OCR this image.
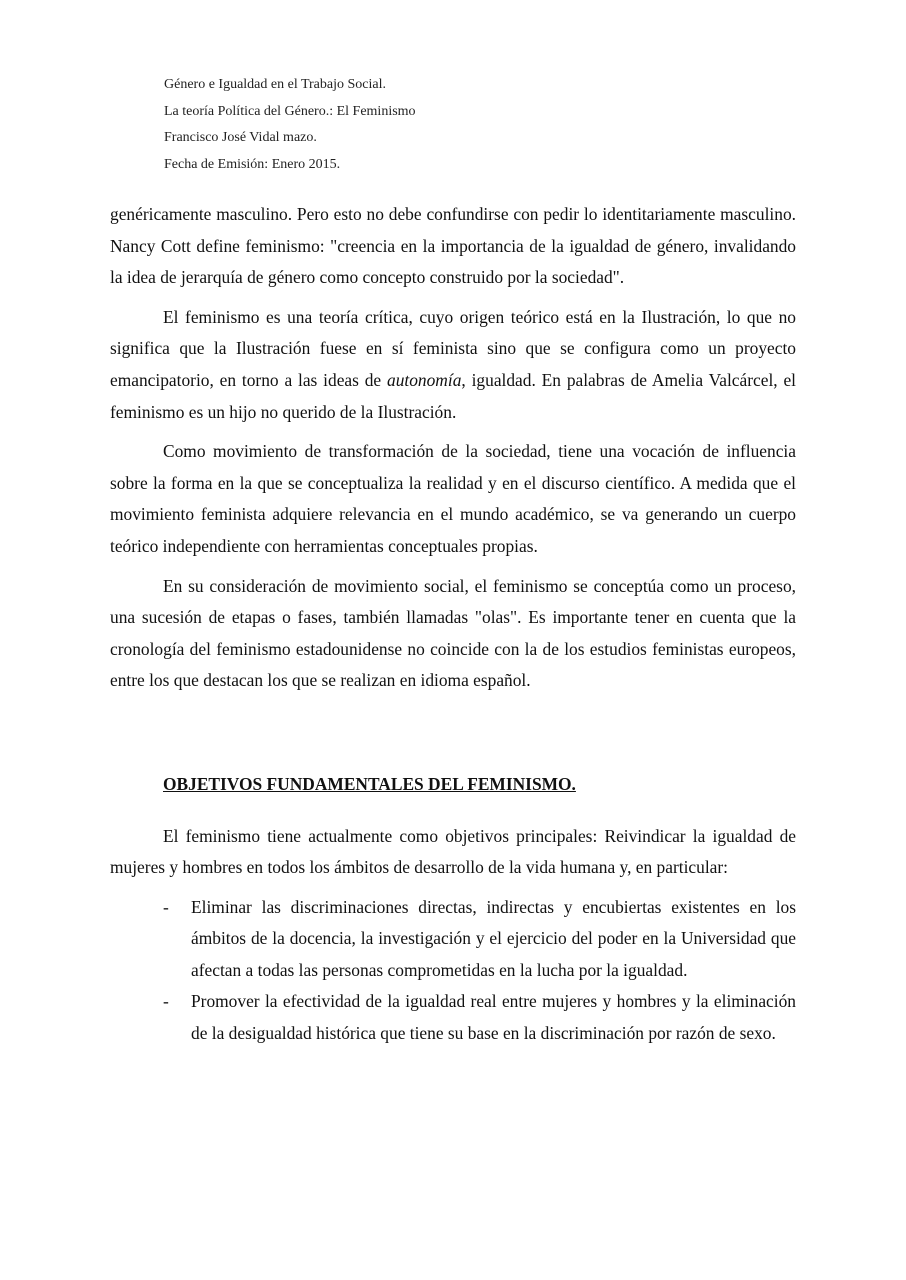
Género e Igualdad en el Trabajo Social.
La teoría Política del Género.: El Feminismo
Francisco José Vidal mazo.
Fecha de Emisión: Enero 2015.

genéricamente masculino. Pero esto no debe confundirse con pedir lo identitariamente masculino. Nancy Cott define feminismo: "creencia en la importancia de la igualdad de género, invalidando la idea de jerarquía de género como concepto construido por la sociedad".

El feminismo es una teoría crítica, cuyo origen teórico está en la Ilustración, lo que no significa que la Ilustración fuese en sí feminista sino que se configura como un proyecto emancipatorio, en torno a las ideas de autonomía, igualdad. En palabras de Amelia Valcárcel, el feminismo es un hijo no querido de la Ilustración.

Como movimiento de transformación de la sociedad, tiene una vocación de influencia sobre la forma en la que se conceptualiza la realidad y en el discurso científico. A medida que el movimiento feminista adquiere relevancia en el mundo académico, se va generando un cuerpo teórico independiente con herramientas conceptuales propias.

En su consideración de movimiento social, el feminismo se conceptúa como un proceso, una sucesión de etapas o fases, también llamadas "olas". Es importante tener en cuenta que la cronología del feminismo estadounidense no coincide con la de los estudios feministas europeos, entre los que destacan los que se realizan en idioma español.

OBJETIVOS FUNDAMENTALES DEL FEMINISMO.

El feminismo tiene actualmente como objetivos principales: Reivindicar la igualdad de mujeres y hombres en todos los ámbitos de desarrollo de la vida humana y, en particular:

- Eliminar las discriminaciones directas, indirectas y encubiertas existentes en los ámbitos de la docencia, la investigación y el ejercicio del poder en la Universidad que afectan a todas las personas comprometidas en la lucha por la igualdad.
- Promover la efectividad de la igualdad real entre mujeres y hombres y la eliminación de la desigualdad histórica que tiene su base en la discriminación por razón de sexo.
